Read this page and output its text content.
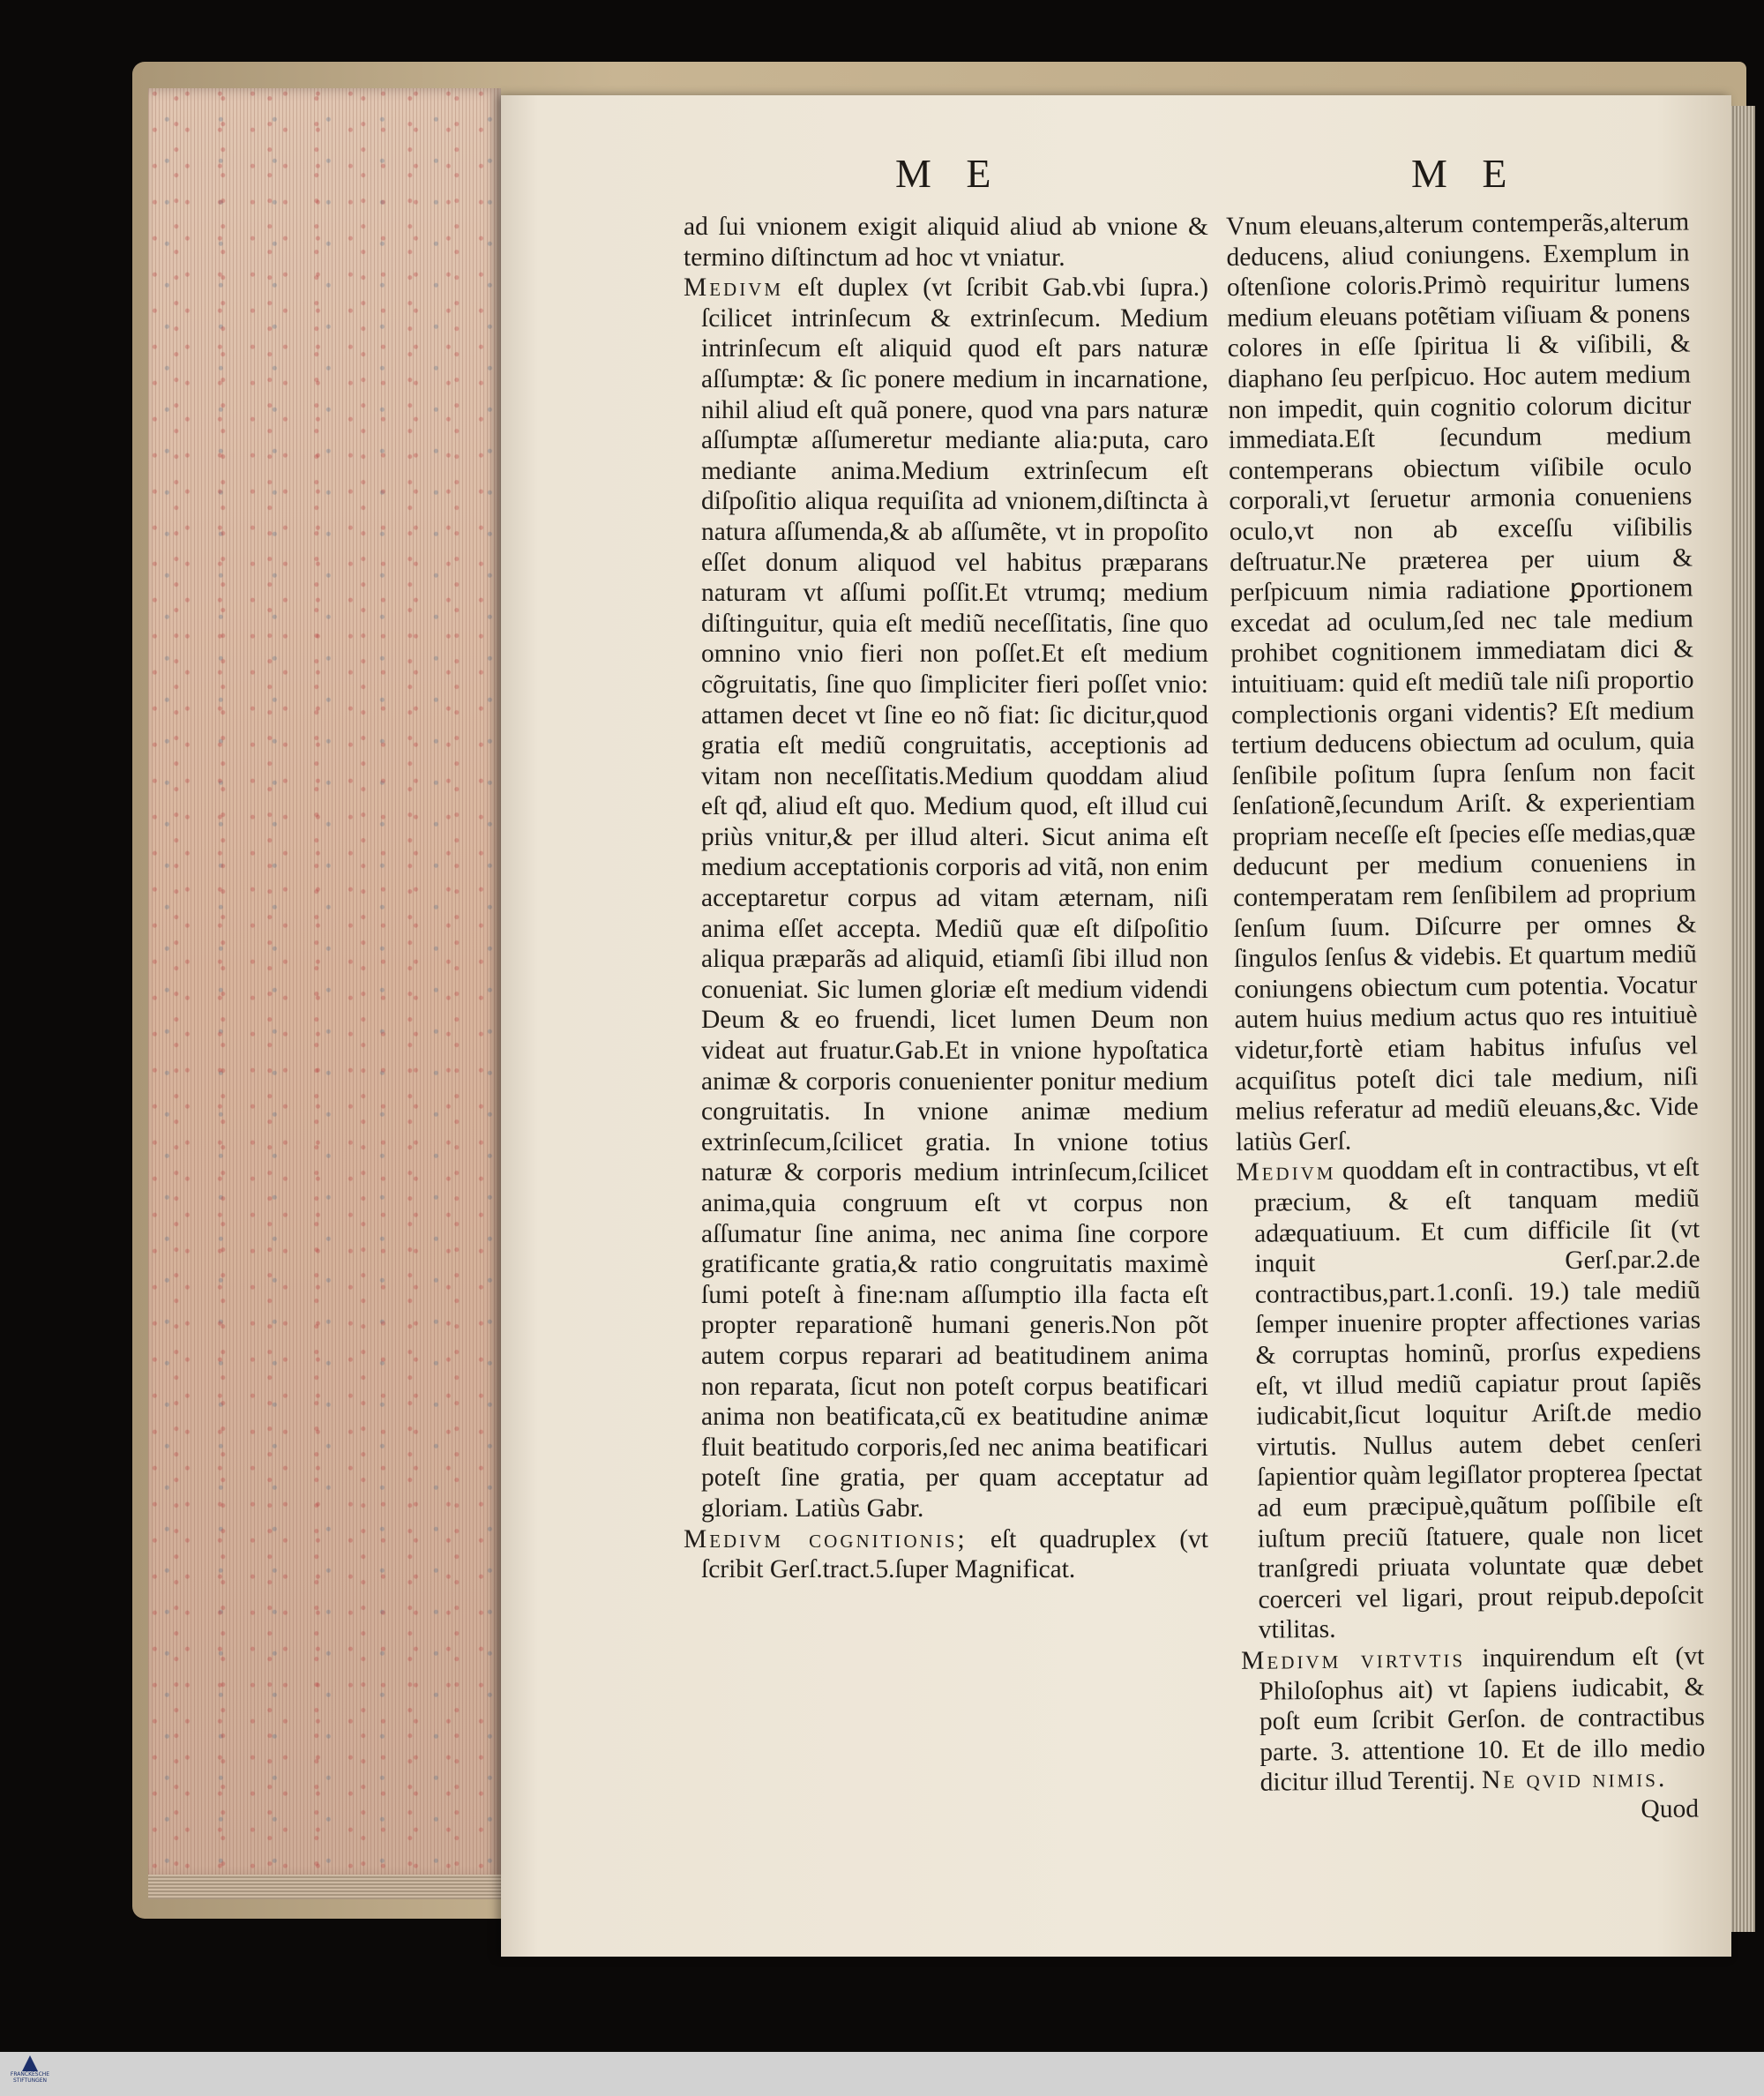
M E	M E

ad ſui vnionem exigit aliquid aliud ab vnione & termino diſtinctum ad hoc vt vniatur.

Medivm eſt duplex (vt ſcribit Gab.vbi ſupra.) ſcilicet intrinſecum & extrinſecum. Medium intrinſecum eſt aliquid quod eſt pars naturæ aſſumptæ: & ſic ponere medium in incarnatione, nihil aliud eſt quã ponere, quod vna pars naturæ aſſumptæ aſſumeretur mediante alia:puta, caro mediante anima.Medium extrinſecum eſt diſpoſitio aliqua requiſita ad vnionem,diſtincta à natura aſſumenda,& ab aſſumẽte, vt in propoſito eſſet donum aliquod vel habitus præparans naturam vt aſſumi poſſit.Et vtrumq; medium diſtinguitur, quia eſt mediũ neceſſitatis, ſine quo omnino vnio fieri non poſſet.Et eſt medium cõgruitatis, ſine quo ſimpliciter fieri poſſet vnio: attamen decet vt ſine eo nõ fiat: ſic dicitur,quod gratia eſt mediũ congruitatis, acceptionis ad vitam non neceſſitatis.Medium quoddam aliud eſt qđ, aliud eſt quo. Medium quod, eſt illud cui priùs vnitur,& per illud alteri. Sicut anima eſt medium acceptationis corporis ad vitã, non enim acceptaretur corpus ad vitam æternam, niſi anima eſſet accepta. Mediũ quæ eſt diſpoſitio aliqua præparãs ad aliquid, etiamſi ſibi illud non conueniat. Sic lumen gloriæ eſt medium videndi Deum & eo fruendi, licet lumen Deum non videat aut fruatur.Gab.Et in vnione hypoſtatica animæ & corporis conuenienter ponitur medium congruitatis. In vnione animæ medium extrinſecum,ſcilicet gratia. In vnione totius naturæ & corporis medium intrinſecum,ſcilicet anima,quia congruum eſt vt corpus non aſſumatur ſine anima, nec anima ſine corpore gratificante gratia,& ratio congruitatis maximè ſumi poteſt à fine:nam aſſumptio illa facta eſt propter reparationẽ humani generis.Non põt autem corpus reparari ad beatitudinem anima non reparata, ſicut non poteſt corpus beatificari anima non beatificata,cũ ex beatitudine animæ fluit beatitudo corporis,ſed nec anima beatificari poteſt ſine gratia, per quam acceptatur ad gloriam. Latiùs Gabr.

Medivm cognitionis; eſt quadruplex (vt ſcribit Gerſ.tract.5.ſuper Magnificat.

Vnum eleuans,alterum contemperãs,alterum deducens, aliud coniungens. Exemplum in oſtenſione coloris.Primò requiritur lumens medium eleuans potẽtiam viſiuam & ponens colores in eſſe ſpiritua li & viſibili, & diaphano ſeu perſpicuo. Hoc autem medium non impedit, quin cognitio colorum dicitur immediata.Eſt ſecundum medium contemperans obiectum viſibile oculo corporali,vt ſeruetur armonia conueniens oculo,vt non ab exceſſu viſibilis deſtruatur.Ne præterea per uium & perſpicuum nimia radiatione ꝑportionem excedat ad oculum,ſed nec tale medium prohibet cognitionem immediatam dici & intuitiuam: quid eſt mediũ tale niſi proportio complectionis organi videntis? Eſt medium tertium deducens obiectum ad oculum, quia ſenſibile poſitum ſupra ſenſum non facit ſenſationẽ,ſecundum Ariſt. & experientiam propriam neceſſe eſt ſpecies eſſe medias,quæ deducunt per medium conueniens in contemperatam rem ſenſibilem ad proprium ſenſum ſuum. Diſcurre per omnes & ſingulos ſenſus & videbis. Et quartum mediũ coniungens obiectum cum potentia. Vocatur autem huius medium actus quo res intuitiuè videtur,fortè etiam habitus infuſus vel acquiſitus poteſt dici tale medium, niſi melius referatur ad mediũ eleuans,&c. Vide latiùs Gerſ.

Medivm quoddam eſt in contractibus, vt eſt præcium, & eſt tanquam mediũ adæquatiuum. Et cum difficile ſit (vt inquit Gerſ.par.2.de contractibus,part.1.conſi. 19.) tale mediũ ſemper inuenire propter affectiones varias & corruptas hominũ, prorſus expediens eſt, vt illud mediũ capiatur prout ſapiẽs iudicabit,ſicut loquitur Ariſt.de medio virtutis. Nullus autem debet cenſeri ſapientior quàm legiſlator propterea ſpectat ad eum præcipuè,quãtum poſſibile eſt iuſtum preciũ ſtatuere, quale non licet tranſgredi priuata voluntate quæ debet coerceri vel ligari, prout reipub.depoſcit vtilitas.

Medivm virtvtis inquirendum eſt (vt Philoſophus ait) vt ſapiens iudicabit, & poſt eum ſcribit Gerſon. de contractibus parte. 3. attentione 10. Et de illo medio dicitur illud Terentij. Ne qvid nimis.

Quod

FRANCKESCHE STIFTUNGEN
